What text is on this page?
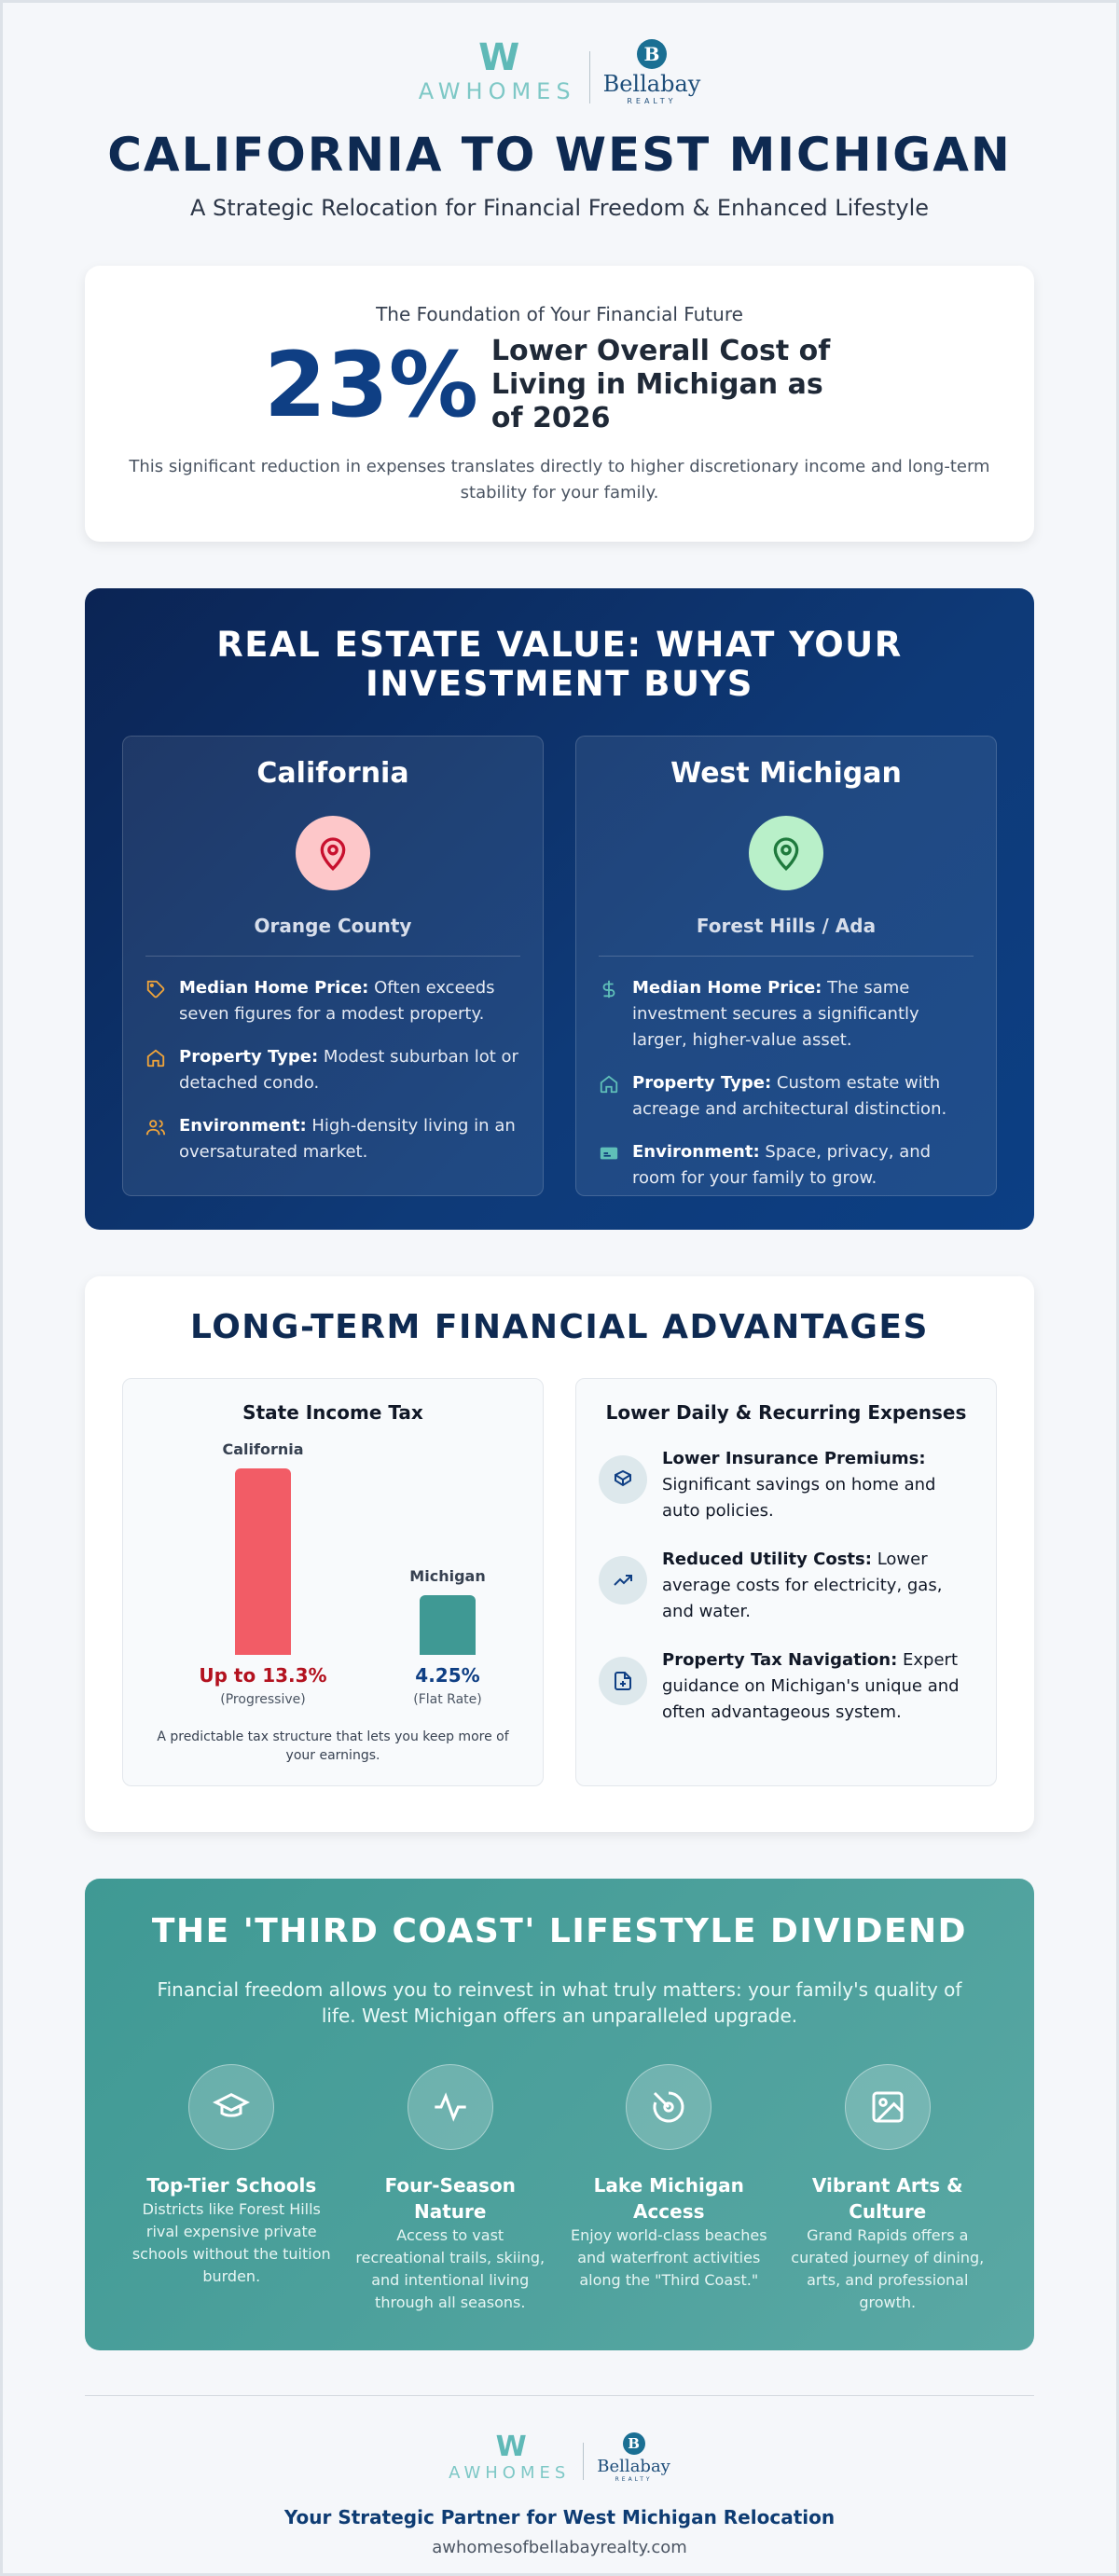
W
AWHOMES
B
Bellabay
REALTY
CALIFORNIA TO WEST MICHIGAN
A Strategic Relocation for Financial Freedom & Enhanced Lifestyle
The Foundation of Your Financial Future
23% Lower Overall Cost of Living in Michigan as of 2026
This significant reduction in expenses translates directly to higher discretionary income and long-term stability for your family.
REAL ESTATE VALUE: WHAT YOUR INVESTMENT BUYS
California
Orange County
Median Home Price: Often exceeds seven figures for a modest property.
Property Type: Modest suburban lot or detached condo.
Environment: High-density living in an oversaturated market.
West Michigan
Forest Hills / Ada
Median Home Price: The same investment secures a significantly larger, higher-value asset.
Property Type: Custom estate with acreage and architectural distinction.
Environment: Space, privacy, and room for your family to grow.
LONG-TERM FINANCIAL ADVANTAGES
State Income Tax
California
Up to 13.3%
(Progressive)
Michigan
4.25%
(Flat Rate)
A predictable tax structure that lets you keep more of your earnings.
Lower Daily & Recurring Expenses
Lower Insurance Premiums: Significant savings on home and auto policies.
Reduced Utility Costs: Lower average costs for electricity, gas, and water.
Property Tax Navigation: Expert guidance on Michigan's unique and often advantageous system.
THE 'THIRD COAST' LIFESTYLE DIVIDEND
Financial freedom allows you to reinvest in what truly matters: your family's quality of life. West Michigan offers an unparalleled upgrade.
Top-Tier Schools
Districts like Forest Hills rival expensive private schools without the tuition burden.
Four-Season Nature
Access to vast recreational trails, skiing, and intentional living through all seasons.
Lake Michigan Access
Enjoy world-class beaches and waterfront activities along the "Third Coast."
Vibrant Arts & Culture
Grand Rapids offers a curated journey of dining, arts, and professional growth.
W
AWHOMES
B
Bellabay
REALTY
Your Strategic Partner for West Michigan Relocation
awhomesofbellabayrealty.com
